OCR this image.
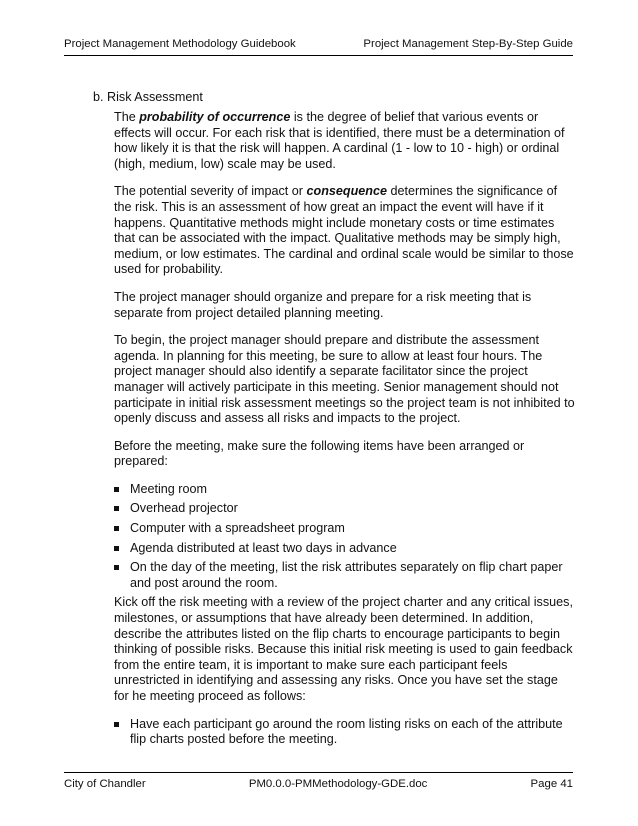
Project Management Methodology Guidebook	Project Management Step-By-Step Guide
b. Risk Assessment

The probability of occurrence is the degree of belief that various events or effects will occur. For each risk that is identified, there must be a determination of how likely it is that the risk will happen. A cardinal (1 - low to 10 - high) or ordinal (high, medium, low) scale may be used.

The potential severity of impact or consequence determines the significance of the risk. This is an assessment of how great an impact the event will have if it happens. Quantitative methods might include monetary costs or time estimates that can be associated with the impact. Qualitative methods may be simply high, medium, or low estimates. The cardinal and ordinal scale would be similar to those used for probability.

The project manager should organize and prepare for a risk meeting that is separate from project detailed planning meeting.

To begin, the project manager should prepare and distribute the assessment agenda. In planning for this meeting, be sure to allow at least four hours. The project manager should also identify a separate facilitator since the project manager will actively participate in this meeting. Senior management should not participate in initial risk assessment meetings so the project team is not inhibited to openly discuss and assess all risks and impacts to the project.

Before the meeting, make sure the following items have been arranged or prepared:

Meeting room
Overhead projector
Computer with a spreadsheet program
Agenda distributed at least two days in advance
On the day of the meeting, list the risk attributes separately on flip chart paper and post around the room.

Kick off the risk meeting with a review of the project charter and any critical issues, milestones, or assumptions that have already been determined. In addition, describe the attributes listed on the flip charts to encourage participants to begin thinking of possible risks. Because this initial risk meeting is used to gain feedback from the entire team, it is important to make sure each participant feels unrestricted in identifying and assessing any risks. Once you have set the stage for he meeting proceed as follows:

Have each participant go around the room listing risks on each of the attribute flip charts posted before the meeting.
City of Chandler	PM0.0.0-PMMethodology-GDE.doc	Page 41
